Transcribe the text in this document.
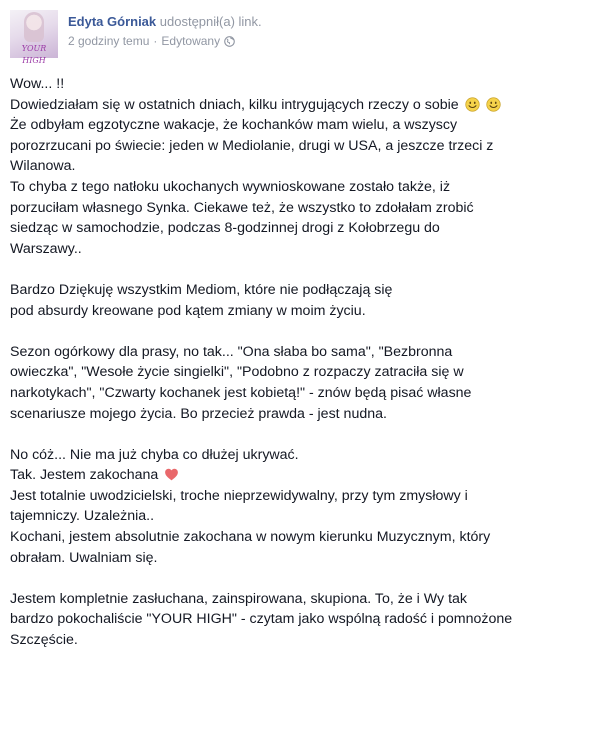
YOUR HIGH
Edyta Górniak udostępnił(a) link.
2 godziny temu · Edytowany

Wow... !!

Dowiedziałam się w ostatnich dniach, kilku intrygujących rzeczy o sobie

Że odbyłam egzotyczne wakacje, że kochanków mam wielu, a wszyscy

porozrzucani po świecie: jeden w Mediolanie, drugi w USA, a jeszcze trzeci z

Wilanowa.

To chyba z tego natłoku ukochanych wywnioskowane zostało także, iż

porzuciłam własnego Synka. Ciekawe też, że wszystko to zdołałam zrobić

siedząc w samochodzie, podczas 8-godzinnej drogi z Kołobrzegu do

Warszawy..

Bardzo Dziękuję wszystkim Mediom, które nie podłączają się

pod absurdy kreowane pod kątem zmiany w moim życiu.

Sezon ogórkowy dla prasy, no tak... "Ona słaba bo sama", "Bezbronna

owieczka", "Wesołe życie singielki", "Podobno z rozpaczy zatraciła się w

narkotykach", "Czwarty kochanek jest kobietą!" - znów będą pisać własne

scenariusze mojego życia. Bo przecież prawda - jest nudna.

No cóż... Nie ma już chyba co dłużej ukrywać.

Tak. Jestem zakochana

Jest totalnie uwodzicielski, troche nieprzewidywalny, przy tym zmysłowy i

tajemniczy. Uzależnia..

Kochani, jestem absolutnie zakochana w nowym kierunku Muzycznym, który

obrałam. Uwalniam się.

Jestem kompletnie zasłuchana, zainspirowana, skupiona. To, że i Wy tak

bardzo pokochaliście "YOUR HIGH" - czytam jako wspólną radość i pomnożone

Szczęście.
